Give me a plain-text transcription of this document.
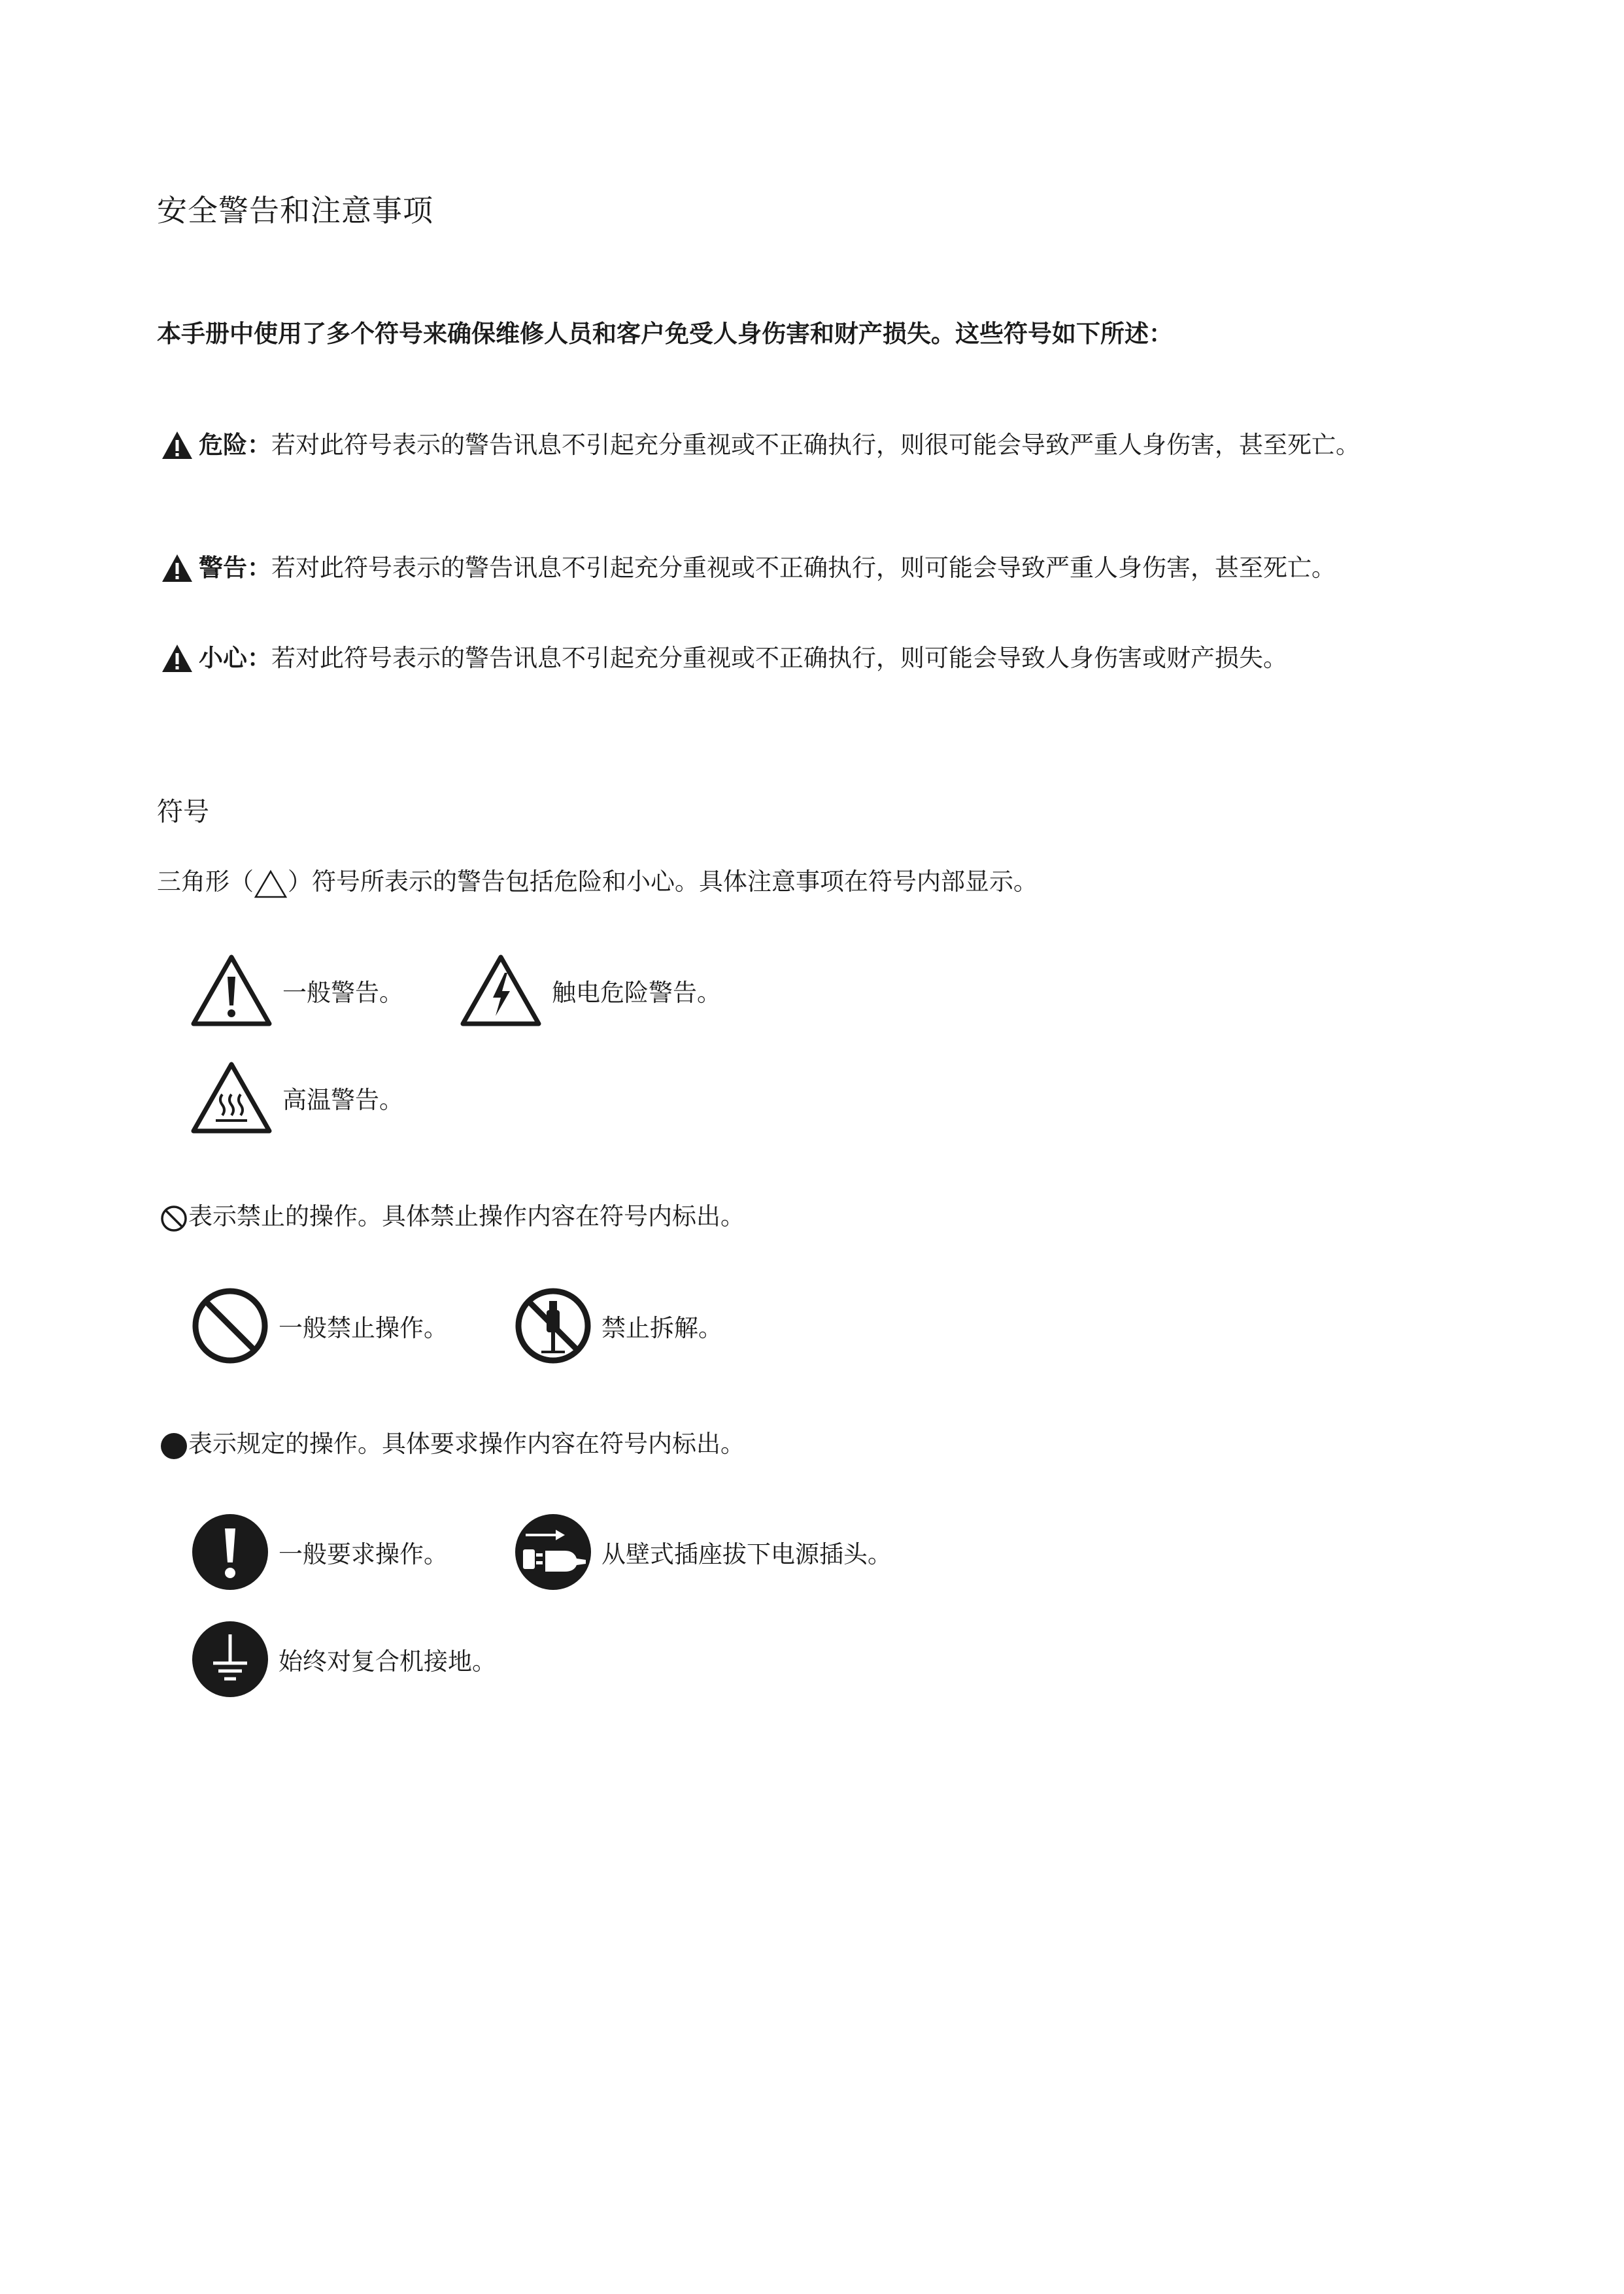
安全警告和注意事项
本手册中使用了多个符号来确保维修人员和客户免受人身伤害和财产损失。这些符号如下所述：
危险： 若对此符号表示的警告讯息不引起充分重视或不正确执行，则很可能会导致严重人身伤害，甚至死亡。
警告： 若对此符号表示的警告讯息不引起充分重视或不正确执行，则可能会导致严重人身伤害，甚至死亡。
小心： 若对此符号表示的警告讯息不引起充分重视或不正确执行，则可能会导致人身伤害或财产损失。
符号
三角形（ ）符号所表示的警告包括危险和小心。具体注意事项在符号内部显示。
一般警告。	触电危险警告。
高温警告。
表示禁止的操作。具体禁止操作内容在符号内标出。
一般禁止操作。	禁止拆解。
表示规定的操作。具体要求操作内容在符号内标出。
一般要求操作。	从壁式插座拔下电源插头。
始终对复合机接地。
